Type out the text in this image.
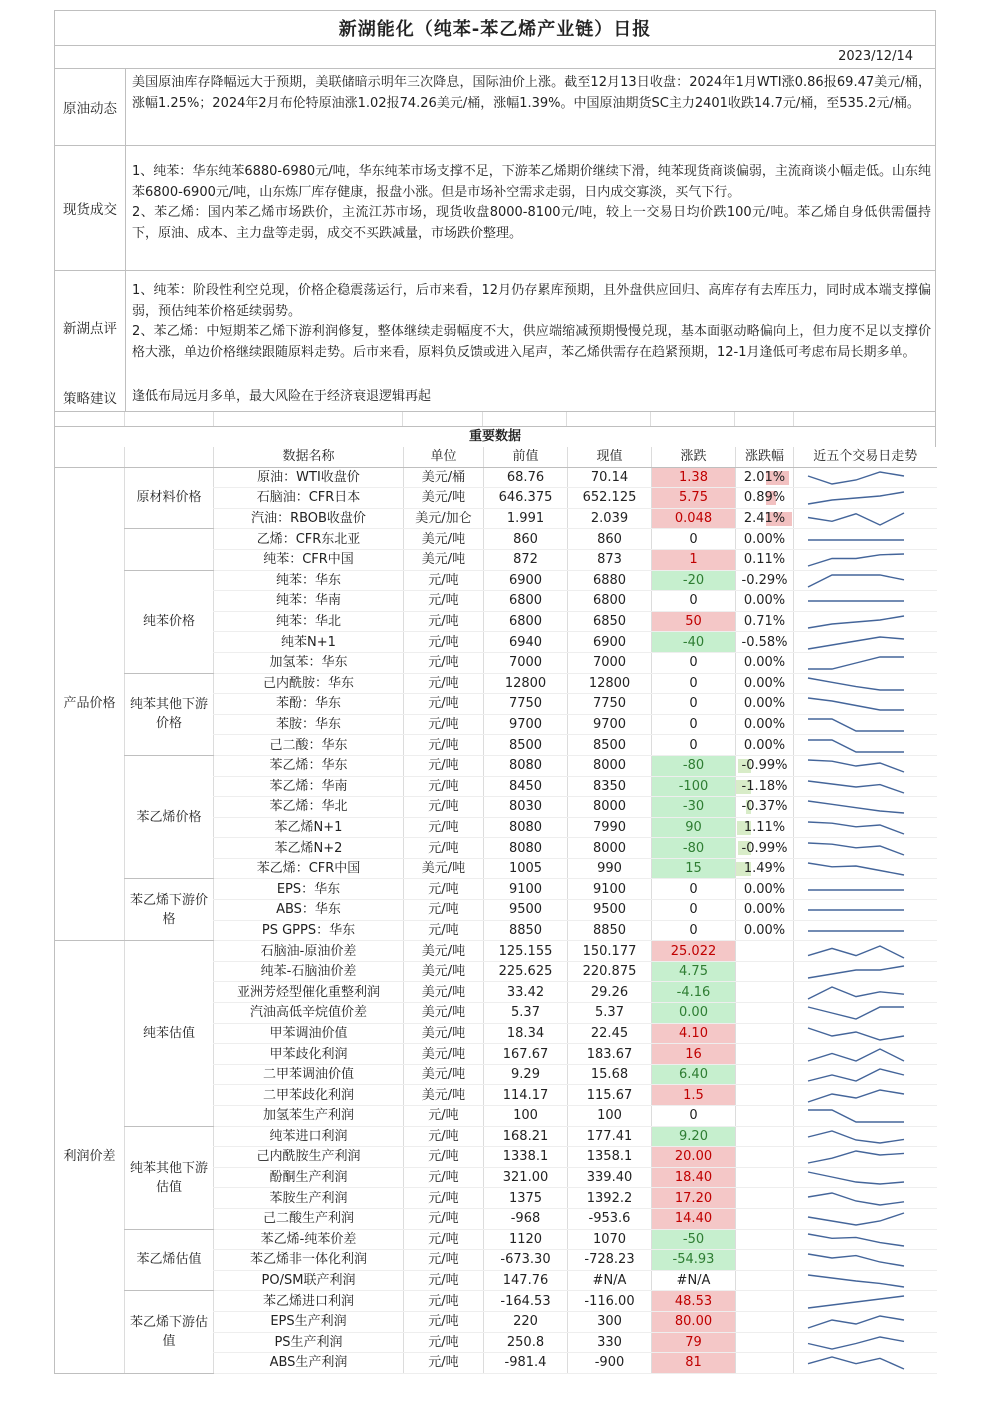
新湖能化（纯苯-苯乙烯产业链）日报
2023/12/14
原油动态

美国原油库存降幅远大于预期，美联储暗示明年三次降息，国际油价上涨。截至12月13日收盘：2024年1月WTI涨0.86报69.47美元/桶，涨幅1.25%；2024年2月布伦特原油涨1.02报74.26美元/桶，涨幅1.39%。中国原油期货SC主力2401收跌14.7元/桶，至535.2元/桶。

现货成交

1、纯苯：华东纯苯6880-6980元/吨，华东纯苯市场支撑不足，下游苯乙烯期价继续下滑，纯苯现货商谈偏弱，主流商谈小幅走低。山东纯苯6800-6900元/吨，山东炼厂库存健康，报盘小涨。但是市场补空需求走弱，日内成交寡淡，买气下行。

2、苯乙烯：国内苯乙烯市场跌价，主流江苏市场，现货收盘8000-8100元/吨，较上一交易日均价跌100元/吨。苯乙烯自身低供需僵持下，原油、成本、主力盘等走弱，成交不买跌减量，市场跌价整理。

新湖点评

1、纯苯：阶段性利空兑现，价格企稳震荡运行，后市来看，12月仍存累库预期，且外盘供应回归、高库存有去库压力，同时成本端支撑偏弱，预估纯苯价格延续弱势。

2、苯乙烯：中短期苯乙烯下游利润修复，整体继续走弱幅度不大，供应端缩减预期慢慢兑现，基本面驱动略偏向上，但力度不足以支撑价格大涨，单边价格继续跟随原料走势。后市来看，原料负反馈或进入尾声，苯乙烯供需存在趋紧预期，12-1月逢低可考虑布局长期多单。

策略建议	逢低布局远月多单，最大风险在于经济衰退逻辑再起

重要数据
		数据名称	单位	前值	现值	涨跌	涨跌幅	近五个交易日走势
产品价格	原材料价格	原油：WTI收盘价	美元/桶	68.76	70.14	1.38	2.01%

		石脑油：CFR日本	美元/吨	646.375	652.125	5.75	0.89%

		汽油：RBOB收盘价	美元/加仑	1.991	2.039	0.048	2.41%

		乙烯：CFR东北亚	美元/吨	860	860	0	0.00%

		纯苯：CFR中国	美元/吨	872	873	1	0.11%

	纯苯价格	纯苯：华东	元/吨	6900	6880	-20	-0.29%

		纯苯：华南	元/吨	6800	6800	0	0.00%

		纯苯：华北	元/吨	6800	6850	50	0.71%

		纯苯N+1	元/吨	6940	6900	-40	-0.58%

		加氢苯：华东	元/吨	7000	7000	0	0.00%

	纯苯其他下游价格	己内酰胺：华东	元/吨	12800	12800	0	0.00%

		苯酚：华东	元/吨	7750	7750	0	0.00%

		苯胺：华东	元/吨	9700	9700	0	0.00%

		己二酸：华东	元/吨	8500	8500	0	0.00%

	苯乙烯价格	苯乙烯：华东	元/吨	8080	8000	-80	-0.99%

		苯乙烯：华南	元/吨	8450	8350	-100	-1.18%

		苯乙烯：华北	元/吨	8030	8000	-30	-0.37%

		苯乙烯N+1	元/吨	8080	7990	90	1.11%

		苯乙烯N+2	元/吨	8080	8000	-80	-0.99%

		苯乙烯：CFR中国	美元/吨	1005	990	15	1.49%

	苯乙烯下游价格	EPS：华东	元/吨	9100	9100	0	0.00%

		ABS：华东	元/吨	9500	9500	0	0.00%

		PS GPPS：华东	元/吨	8850	8850	0	0.00%

利润价差	纯苯估值	石脑油-原油价差	美元/吨	125.155	150.177	25.022	

		纯苯-石脑油价差	美元/吨	225.625	220.875	4.75	

		亚洲芳烃型催化重整利润	美元/吨	33.42	29.26	-4.16	

		汽油高低辛烷值价差	美元/吨	5.37	5.37	0.00	

		甲苯调油价值	美元/吨	18.34	22.45	4.10	

		甲苯歧化利润	美元/吨	167.67	183.67	16	

		二甲苯调油价值	美元/吨	9.29	15.68	6.40	

		二甲苯歧化利润	美元/吨	114.17	115.67	1.5	

		加氢苯生产利润	元/吨	100	100	0	

	纯苯其他下游估值	纯苯进口利润	元/吨	168.21	177.41	9.20	

		己内酰胺生产利润	元/吨	1338.1	1358.1	20.00	

		酚酮生产利润	元/吨	321.00	339.40	18.40	

		苯胺生产利润	元/吨	1375	1392.2	17.20	

		己二酸生产利润	元/吨	-968	-953.6	14.40	

	苯乙烯估值	苯乙烯-纯苯价差	元/吨	1120	1070	-50	

		苯乙烯非一体化利润	元/吨	-673.30	-728.23	-54.93	

		PO/SM联产利润	元/吨	147.76	#N/A	#N/A	

	苯乙烯下游估值	苯乙烯进口利润	元/吨	-164.53	-116.00	48.53	

		EPS生产利润	元/吨	220	300	80.00	

		PS生产利润	元/吨	250.8	330	79	

		ABS生产利润	元/吨	-981.4	-900	81	
